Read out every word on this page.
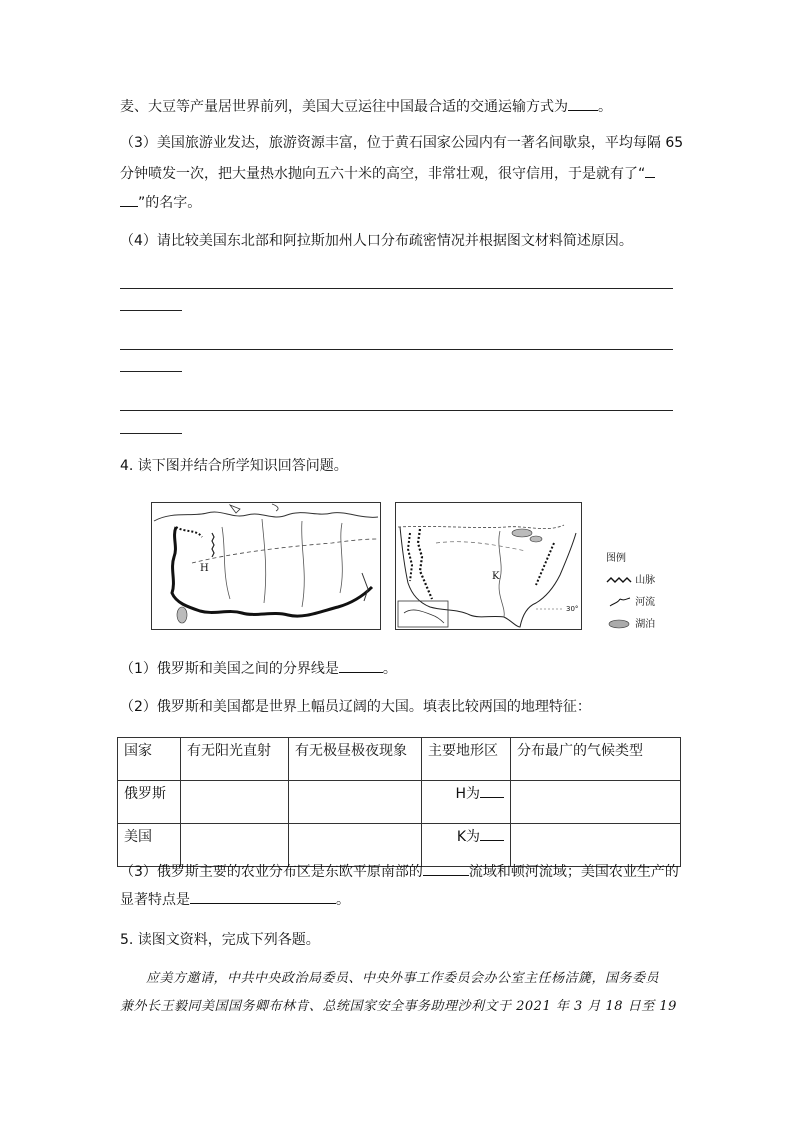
麦、大豆等产量居世界前列，美国大豆运往中国最合适的交通运输方式为 。
（3）美国旅游业发达，旅游资源丰富，位于黄石国家公园内有一著名间歇泉，平均每隔 65
分钟喷发一次，把大量热水抛向五六十米的高空，非常壮观，很守信用，于是就有了“
”的名字。
（4）请比较美国东北部和阿拉斯加州人口分布疏密情况并根据图文材料简述原因。
4. 读下图并结合所学知识回答问题。
H
30°
K
图例
山脉
河流
湖泊
（1）俄罗斯和美国之间的分界线是	。
（2）俄罗斯和美国都是世界上幅员辽阔的大国。填表比较两国的地理特征：
国家	有无阳光直射	有无极昼极夜现象	主要地形区	分布最广的气候类型
俄罗斯			H为	
美国			K为	
（3）俄罗斯主要的农业分布区是东欧平原南部的	流域和顿河流域；美国农业生产的
显著特点是	。
5. 读图文资料，完成下列各题。
应美方邀请，中共中央政治局委员、中央外事工作委员会办公室主任杨洁篪，国务委员
兼外长王毅同美国国务卿布林肯、总统国家安全事务助理沙利文于 2021 年 3 月 18 日至 19
